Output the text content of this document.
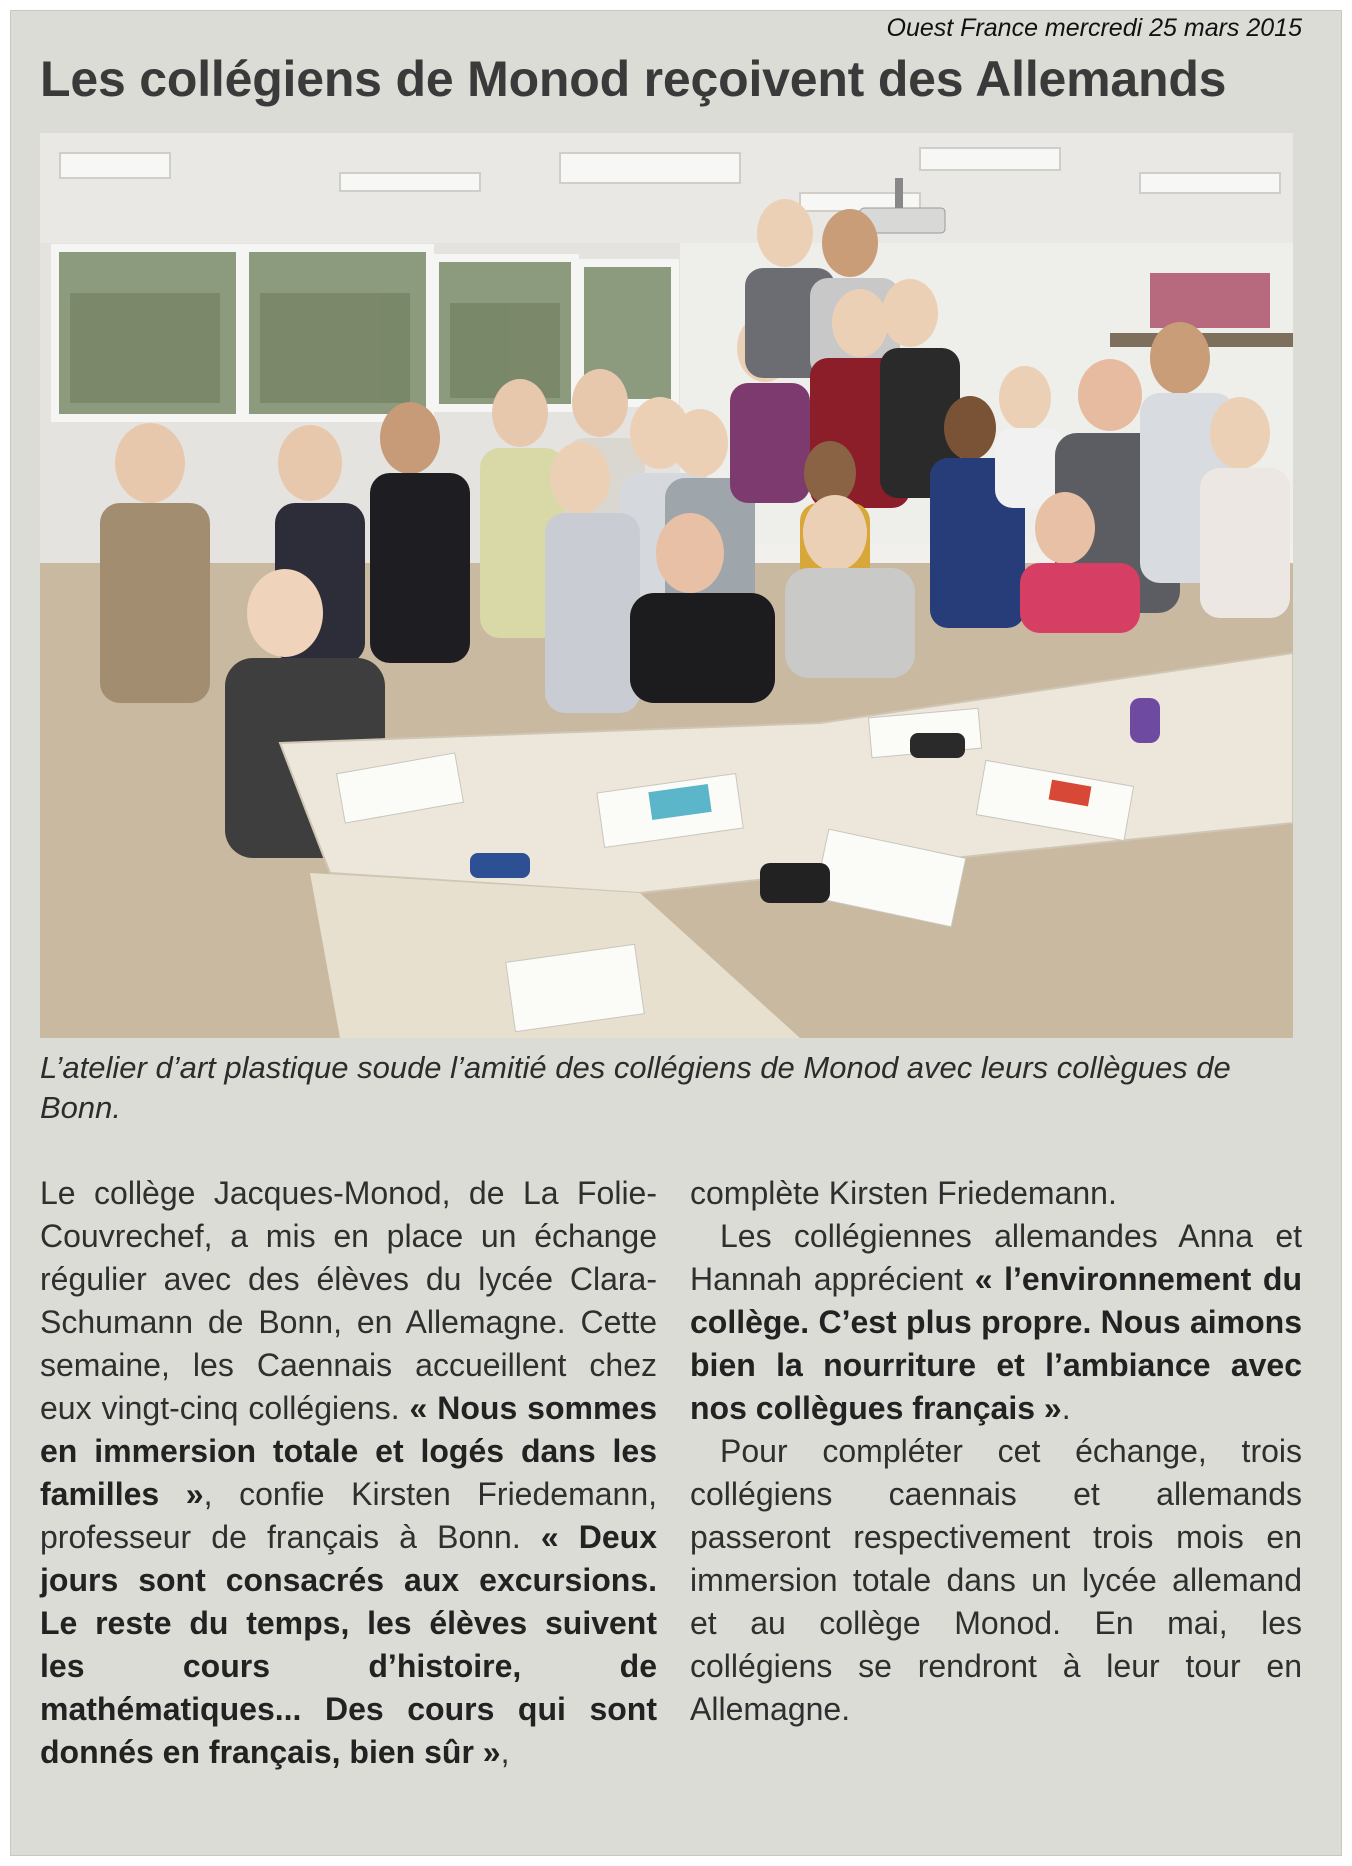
Ouest France mercredi 25 mars 2015
Les collégiens de Monod reçoivent des Allemands
L’atelier d’art plastique soude l’amitié des collégiens de Monod avec leurs collègues de Bonn.

Le collège Jacques-Monod, de La Folie-Couvrechef, a mis en place un échange régulier avec des élèves du lycée Clara-Schumann de Bonn, en Allemagne. Cette semaine, les Caennais accueillent chez eux vingt-cinq collégiens. « Nous sommes en immersion totale et logés dans les familles », confie Kirsten Friedemann, professeur de français à Bonn. « Deux jours sont consacrés aux excursions. Le reste du temps, les élèves suivent les cours d’histoire, de mathématiques... Des cours qui sont donnés en français, bien sûr »,

complète Kirsten Friedemann.

Les collégiennes allemandes Anna et Hannah apprécient « l’environnement du collège. C’est plus propre. Nous aimons bien la nourriture et l’ambiance avec nos collègues français ».

Pour compléter cet échange, trois collégiens caennais et allemands passeront respectivement trois mois en immersion totale dans un lycée allemand et au collège Monod. En mai, les collégiens se rendront à leur tour en Allemagne.
